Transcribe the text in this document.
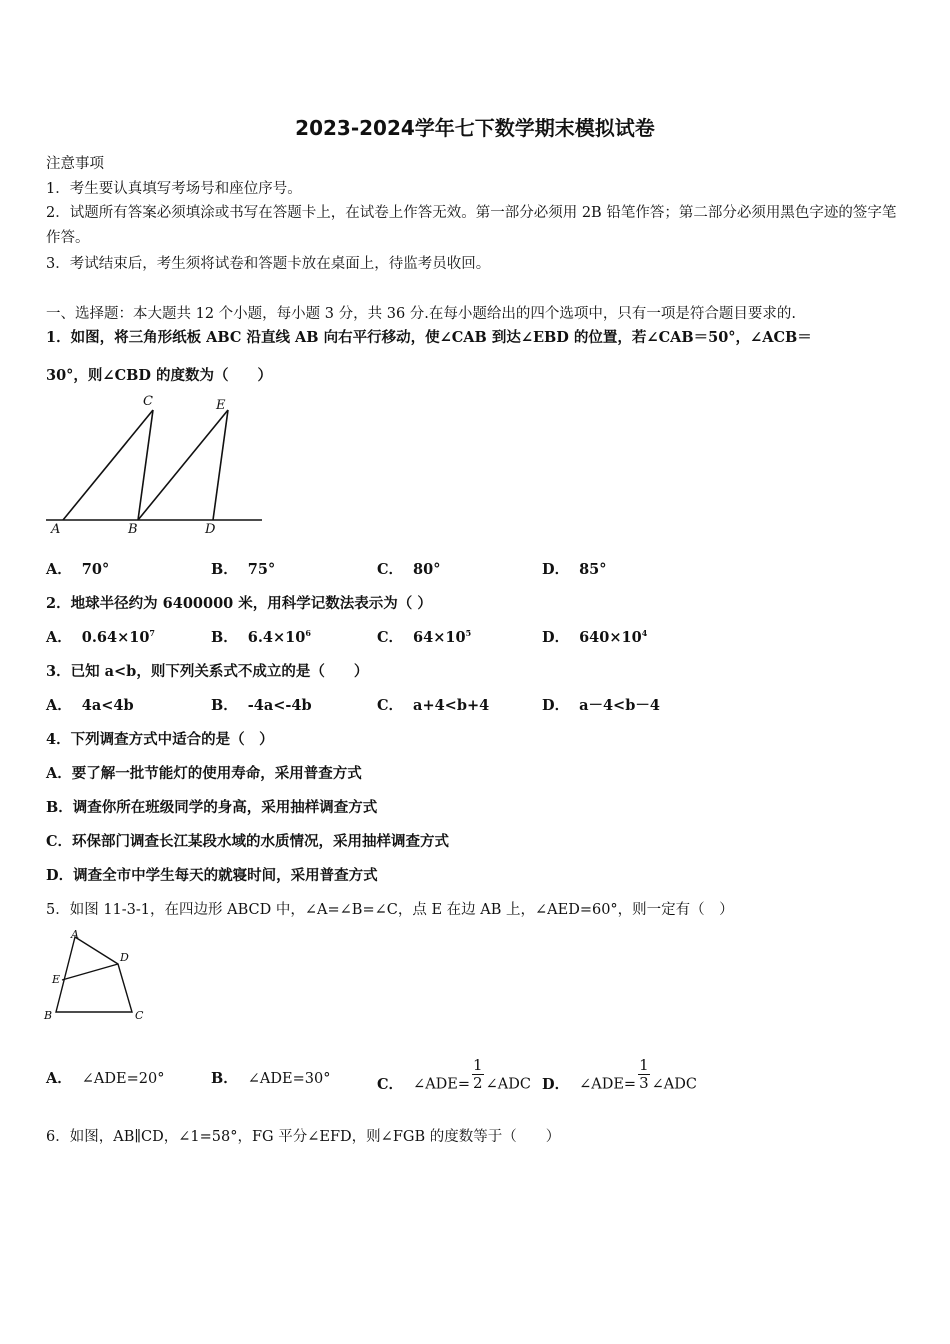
2023-2024学年七下数学期末模拟试卷
注意事项
1．考生要认真填写考场号和座位序号。
2．试题所有答案必须填涂或书写在答题卡上，在试卷上作答无效。第一部分必须用 2B 铅笔作答；第二部分必须用黑色字迹的签字笔作答。
3．考试结束后，考生须将试卷和答题卡放在桌面上，待监考员收回。
一、选择题：本大题共 12 个小题，每小题 3 分，共 36 分.在每小题给出的四个选项中，只有一项是符合题目要求的.
1．如图，将三角形纸板 ABC 沿直线 AB 向右平行移动，使∠CAB 到达∠EBD 的位置，若∠CAB＝50°，∠ACB＝
30°，则∠CBD 的度数为（　　）
A	B
C
D
E
A． 70°	B． 75°	C． 80°	D． 85°
2．地球半径约为 6400000 米，用科学记数法表示为（ ）
A． $0.64\times 10^7$	B． $6.4\times 10^6$	C． $64\times 10^5$	D． $640\times 10^4$
3．已知 a<b，则下列关系式不成立的是（　　）
A． 4a<4b	B． -4a<-4b	C． a+4<b+4	D． a－4<b－4
4．下列调查方式中适合的是（　）
A．要了解一批节能灯的使用寿命，采用普查方式
B．调查你所在班级同学的身高，采用抽样调查方式
C．环保部门调查长江某段水域的水质情况，采用抽样调查方式
D．调查全市中学生每天的就寝时间，采用普查方式
5．如图 11-3-1，在四边形 ABCD 中，∠A=∠B=∠C，点 E 在边 AB 上，∠AED=60°，则一定有（　）
A
B	C
D
E
A． ∠ADE=20°	B． ∠ADE=30°	C． ∠ADE= $\frac{1}{2}$ ∠ADC D． ∠ADE= $\frac{1}{3}$ ∠ADC
6．如图，AB∥CD，∠1=58°，FG 平分∠EFD，则∠FGB 的度数等于（　　）
